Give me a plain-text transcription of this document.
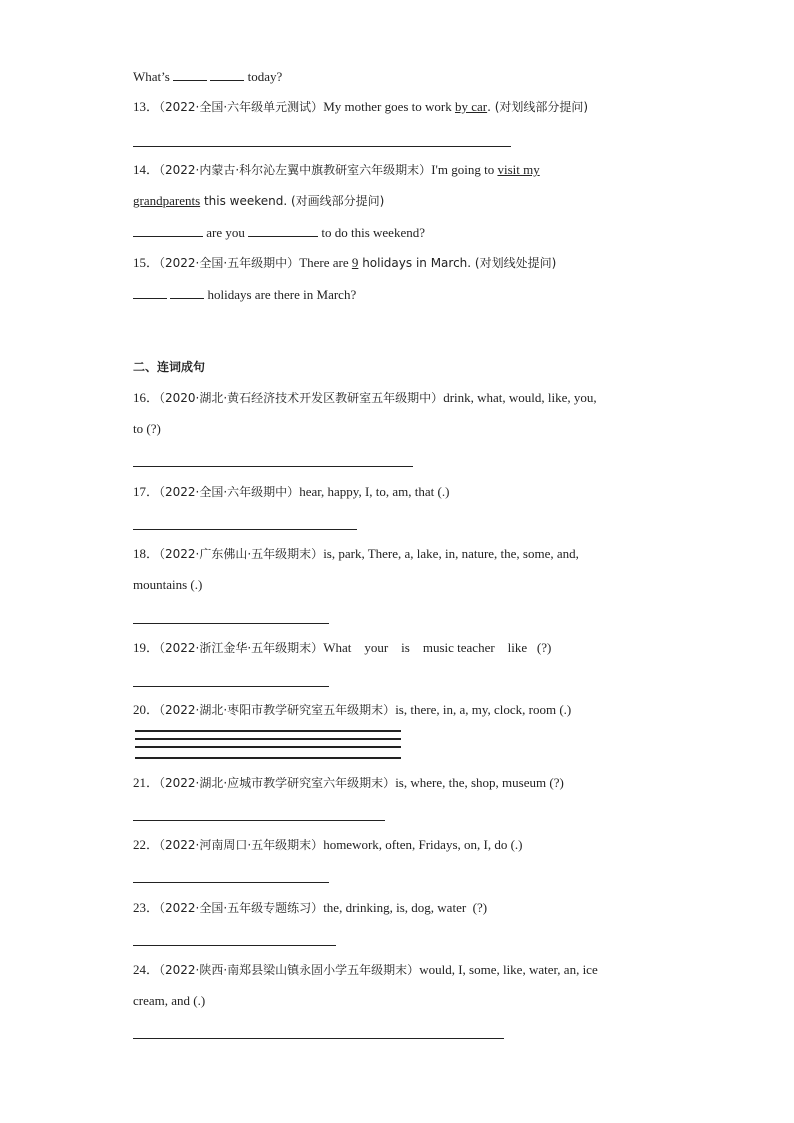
What’s	today?
13．（2022·全国·六年级单元测试）My mother goes to work by car. (对划线部分提问)
14．（2022·内蒙古·科尔沁左翼中旗教研室六年级期末）I'm going to visit my
grandparents this weekend. (对画线部分提问)
are you	to do this weekend?
15．（2022·全国·五年级期中）There are 9 holidays in March. (对划线处提问)
holidays are there in March?
二、连词成句
16．（2020·湖北·黄石经济技术开发区教研室五年级期中）drink, what, would, like, you,
to (?)
17．（2022·全国·六年级期中）hear, happy, I, to, am, that (.)
18．（2022·广东佛山·五年级期末）is, park, There, a, lake, in, nature, the, some, and,
mountains (.)
19．（2022·浙江金华·五年级期末）What    your    is    music teacher    like   (?)
20．（2022·湖北·枣阳市教学研究室五年级期末）is, there, in, a, my, clock, room (.)
21．（2022·湖北·应城市教学研究室六年级期末）is, where, the, shop, museum (?)
22．（2022·河南周口·五年级期末）homework, often, Fridays, on, I, do (.)
23．（2022·全国·五年级专题练习）the, drinking, is, dog, water  (?)
24．（2022·陕西·南郑县梁山镇永固小学五年级期末）would, I, some, like, water, an, ice
cream, and (.)
